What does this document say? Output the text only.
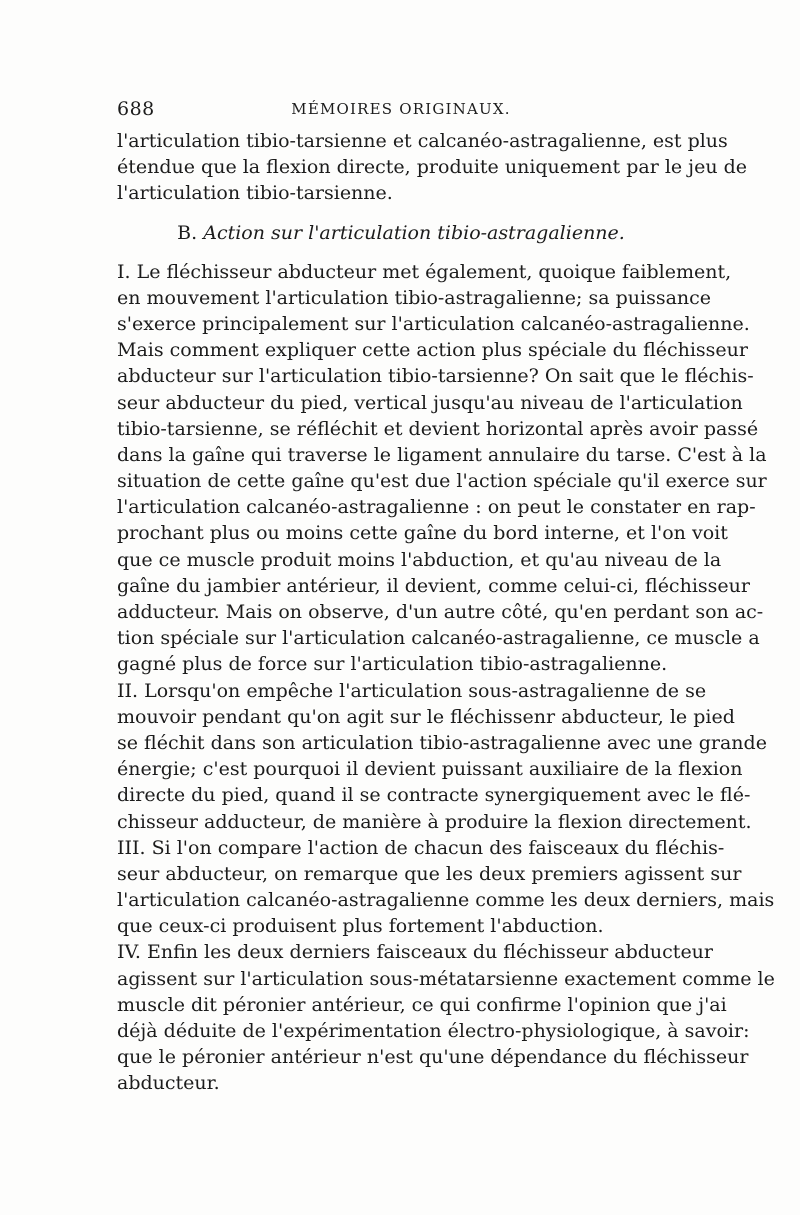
688	MÉMOIRES ORIGINAUX.
l'articulation tibio-tarsienne et calcanéo-astragalienne, est plus
étendue que la flexion directe, produite uniquement par le jeu de
l'articulation tibio-tarsienne.
B. Action sur l'articulation tibio-astragalienne.
I. Le fléchisseur abducteur met également, quoique faiblement,
en mouvement l'articulation tibio-astragalienne; sa puissance
s'exerce principalement sur l'articulation calcanéo-astragalienne.
Mais comment expliquer cette action plus spéciale du fléchisseur
abducteur sur l'articulation tibio-tarsienne? On sait que le fléchis-
seur abducteur du pied, vertical jusqu'au niveau de l'articulation
tibio-tarsienne, se réfléchit et devient horizontal après avoir passé
dans la gaîne qui traverse le ligament annulaire du tarse. C'est à la
situation de cette gaîne qu'est due l'action spéciale qu'il exerce sur
l'articulation calcanéo-astragalienne : on peut le constater en rap-
prochant plus ou moins cette gaîne du bord interne, et l'on voit
que ce muscle produit moins l'abduction, et qu'au niveau de la
gaîne du jambier antérieur, il devient, comme celui-ci, fléchisseur
adducteur. Mais on observe, d'un autre côté, qu'en perdant son ac-
tion spéciale sur l'articulation calcanéo-astragalienne, ce muscle a
gagné plus de force sur l'articulation tibio-astragalienne.
II. Lorsqu'on empêche l'articulation sous-astragalienne de se
mouvoir pendant qu'on agit sur le fléchissenr abducteur, le pied
se fléchit dans son articulation tibio-astragalienne avec une grande
énergie; c'est pourquoi il devient puissant auxiliaire de la flexion
directe du pied, quand il se contracte synergiquement avec le flé-
chisseur adducteur, de manière à produire la flexion directement.
III. Si l'on compare l'action de chacun des faisceaux du fléchis-
seur abducteur, on remarque que les deux premiers agissent sur
l'articulation calcanéo-astragalienne comme les deux derniers, mais
que ceux-ci produisent plus fortement l'abduction.
IV. Enfin les deux derniers faisceaux du fléchisseur abducteur
agissent sur l'articulation sous-métatarsienne exactement comme le
muscle dit péronier antérieur, ce qui confirme l'opinion que j'ai
déjà déduite de l'expérimentation électro-physiologique, à savoir:
que le péronier antérieur n'est qu'une dépendance du fléchisseur
abducteur.
